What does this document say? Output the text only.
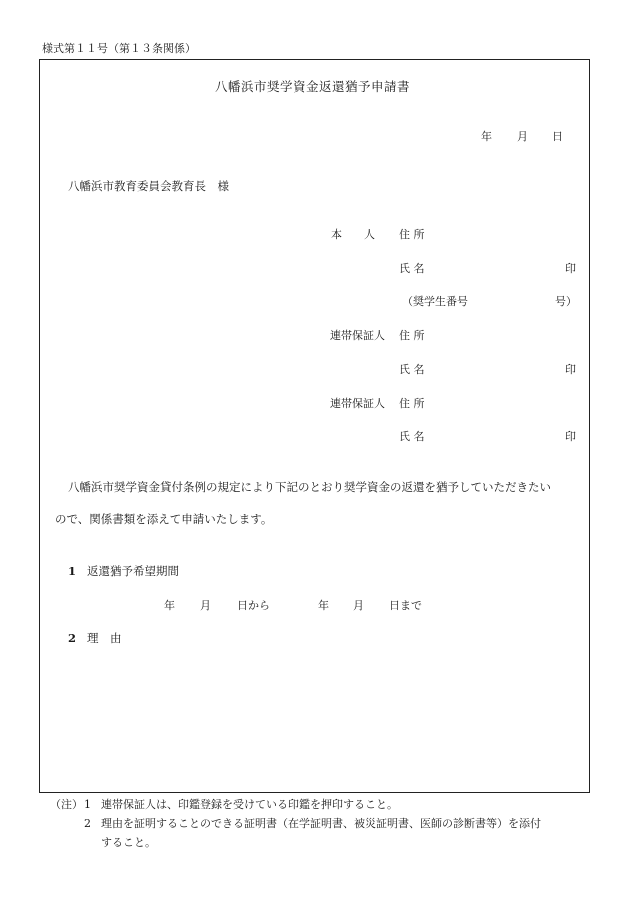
様式第１１号（第１３条関係）
八幡浜市奨学資金返還猶予申請書
年 月 日
八幡浜市教育委員会教育長　様
本　　人 住 所
氏 名	印
（奨学生番号	号）
連帯保証人 住 所
氏 名	印
連帯保証人 住 所
氏 名	印
八幡浜市奨学資金貸付条例の規定により下記のとおり奨学資金の返還を猶予していただきたい
ので、関係書類を添えて申請いたします。
1 返還猶予希望期間
年 月 日から	年 月 日まで
2 理　由
（注） 1 連帯保証人は、印鑑登録を受けている印鑑を押印すること。
2 理由を証明することのできる証明書（在学証明書、被災証明書、医師の診断書等）を添付
すること。
